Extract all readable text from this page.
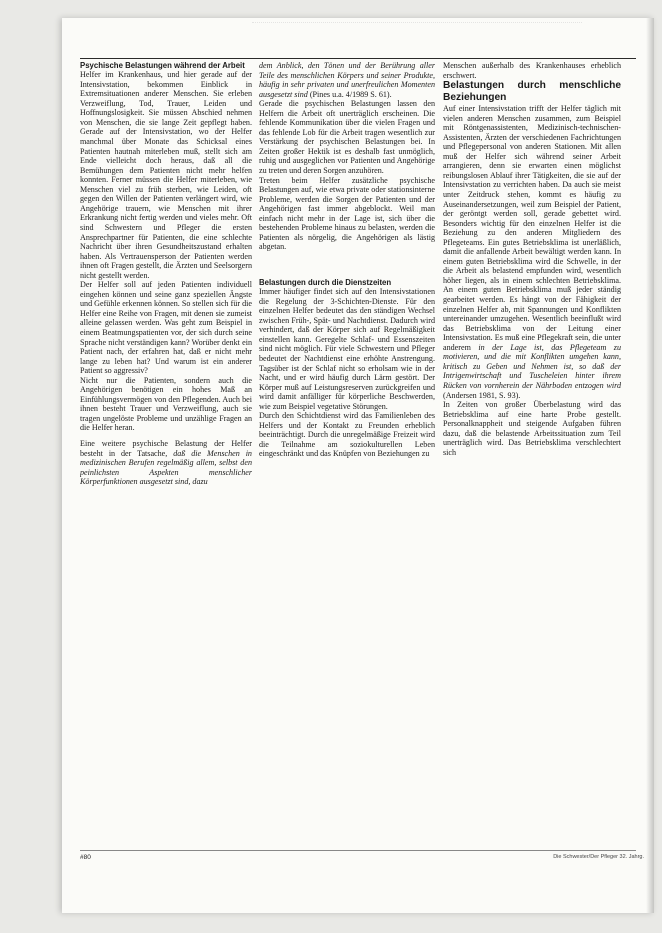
Psychische Belastungen während der Arbeit

Helfer im Krankenhaus, und hier gerade auf der Intensivstation, bekommen Einblick in Extremsituationen anderer Menschen. Sie erleben Verzweiflung, Tod, Trauer, Leiden und Hoffnungslosigkeit. Sie müssen Abschied nehmen von Menschen, die sie lange Zeit gepflegt haben. Gerade auf der Intensivstation, wo der Helfer manchmal über Monate das Schicksal eines Patienten hautnah miterleben muß, stellt sich am Ende vielleicht doch heraus, daß all die Bemühungen dem Patienten nicht mehr helfen konnten. Ferner müssen die Helfer miterleben, wie Menschen viel zu früh sterben, wie Leiden, oft gegen den Willen der Patienten verlängert wird, wie Angehörige trauern, wie Menschen mit ihrer Erkrankung nicht fertig werden und vieles mehr. Oft sind Schwestern und Pfleger die ersten Ansprechpartner für Patienten, die eine schlechte Nachricht über ihren Gesundheitszustand erhalten haben. Als Vertrauensperson der Patienten werden ihnen oft Fragen gestellt, die Ärzten und Seelsorgern nicht gestellt werden.

Der Helfer soll auf jeden Patienten individuell eingehen können und seine ganz speziellen Ängste und Gefühle erkennen können. So stellen sich für die Helfer eine Reihe von Fragen, mit denen sie zumeist alleine gelassen werden. Was geht zum Beispiel in einem Beatmungspatienten vor, der sich durch seine Sprache nicht verständigen kann? Worüber denkt ein Patient nach, der erfahren hat, daß er nicht mehr lange zu leben hat? Und warum ist ein anderer Patient so aggressiv?

Nicht nur die Patienten, sondern auch die Angehörigen benötigen ein hohes Maß an Einfühlungsvermögen von den Pflegenden. Auch bei ihnen besteht Trauer und Verzweiflung, auch sie tragen ungelöste Probleme und unzählige Fragen an die Helfer heran.

Eine weitere psychische Belastung der Helfer besteht in der Tatsache, daß die Menschen in medizinischen Berufen regelmäßig allem, selbst den peinlichsten Aspekten menschlicher Körperfunktionen ausgesetzt sind, dazu

dem Anblick, den Tönen und der Berührung aller Teile des menschlichen Körpers und seiner Produkte, häufig in sehr privaten und unerfreulichen Momenten ausgesetzt sind (Pines u.a. 4/1989 S. 61).

Gerade die psychischen Belastungen lassen den Helfern die Arbeit oft unerträglich erscheinen. Die fehlende Kommunikation über die vielen Fragen und das fehlende Lob für die Arbeit tragen wesentlich zur Verstärkung der psychischen Belastungen bei. In Zeiten großer Hektik ist es deshalb fast unmöglich, ruhig und ausgeglichen vor Patienten und Angehörige zu treten und deren Sorgen anzuhören.

Treten beim Helfer zusätzliche psychische Belastungen auf, wie etwa private oder stationsinterne Probleme, werden die Sorgen der Patienten und der Angehörigen fast immer abgeblockt. Weil man einfach nicht mehr in der Lage ist, sich über die bestehenden Probleme hinaus zu belasten, werden die Patienten als nörgelig, die Angehörigen als lästig abgetan.

Belastungen durch die Dienstzeiten

Immer häufiger findet sich auf den Intensivstationen die Regelung der 3-Schichten-Dienste. Für den einzelnen Helfer bedeutet das den ständigen Wechsel zwischen Früh-, Spät- und Nachtdienst. Dadurch wird verhindert, daß der Körper sich auf Regelmäßigkeit einstellen kann. Geregelte Schlaf- und Essenszeiten sind nicht möglich. Für viele Schwestern und Pfleger bedeutet der Nachtdienst eine erhöhte Anstrengung. Tagsüber ist der Schlaf nicht so erholsam wie in der Nacht, und er wird häufig durch Lärm gestört. Der Körper muß auf Leistungsreserven zurückgreifen und wird damit anfälliger für körperliche Beschwerden, wie zum Beispiel vegetative Störungen.

Durch den Schichtdienst wird das Familienleben des Helfers und der Kontakt zu Freunden erheblich beeinträchtigt. Durch die unregelmäßige Freizeit wird die Teilnahme am soziokulturellen Leben eingeschränkt und das Knüpfen von Beziehungen zu

Menschen außerhalb des Krankenhauses erheblich erschwert.

Belastungen durch menschliche Beziehungen

Auf einer Intensivstation trifft der Helfer täglich mit vielen anderen Menschen zusammen, zum Beispiel mit Röntgenassistenten, Medizinisch-technischen-Assistenten, Ärzten der verschiedenen Fachrichtungen und Pflegepersonal von anderen Stationen. Mit allen muß der Helfer sich während seiner Arbeit arrangieren, denn sie erwarten einen möglichst reibungslosen Ablauf ihrer Tätigkeiten, die sie auf der Intensivstation zu verrichten haben. Da auch sie meist unter Zeitdruck stehen, kommt es häufig zu Auseinandersetzungen, weil zum Beispiel der Patient, der geröntgt werden soll, gerade gebettet wird. Besonders wichtig für den einzelnen Helfer ist die Beziehung zu den anderen Mitgliedern des Pflegeteams. Ein gutes Betriebsklima ist unerläßlich, damit die anfallende Arbeit bewältigt werden kann. In einem guten Betriebsklima wird die Schwelle, in der die Arbeit als belastend empfunden wird, wesentlich höher liegen, als in einem schlechten Betriebsklima. An einem guten Betriebsklima muß jeder ständig gearbeitet werden. Es hängt von der Fähigkeit der einzelnen Helfer ab, mit Spannungen und Konflikten untereinander umzugehen. Wesentlich beeinflußt wird das Betriebsklima von der Leitung einer Intensivstation. Es muß eine Pflegekraft sein, die unter anderem in der Lage ist, das Pflegeteam zu motivieren, und die mit Konflikten umgehen kann, kritisch zu Geben und Nehmen ist, so daß der Intrigenwirtschaft und Tuscheleien hinter ihrem Rücken von vornherein der Nährboden entzogen wird (Andersen 1981, S. 93).

In Zeiten von großer Überbelastung wird das Betriebsklima auf eine harte Probe gestellt. Personalknappheit und steigende Aufgaben führen dazu, daß die belastende Arbeitssituation zum Teil unerträglich wird. Das Betriebsklima verschlechtert sich

#80	Die Schwester/Der Pfleger 32. Jahrg.
